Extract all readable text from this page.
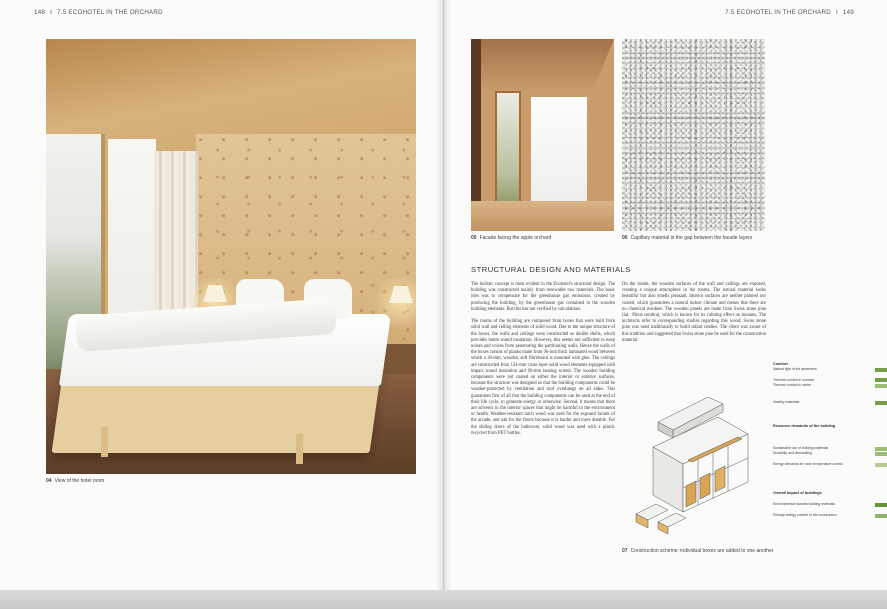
148 I 7.5 ECOHOTEL IN THE ORCHARD	7.5 ECOHOTEL IN THE ORCHARD I 149
04 View of the hotel room
05 Facade facing the apple orchard	06 Capillary material in the gap between the facade layers
STRUCTURAL DESIGN AND MATERIALS

The holistic concept is most evident in the Ecohotel's structural design. The building was constructed mainly from renewable raw materials. The basic idea was to compensate for the greenhouse gas emissions, created by producing the building, by the greenhouse gas contained in the wooden building elements. But this has not verified by calculations.

The rooms of the building are composed from boxes that were built from solid wall and ceiling elements of solid wood. Due to the unique structure of the boxes, the walls and ceilings were constructed as double shells, which provides better sound insulation. However, this seems not sufficient to keep noises and voices from penetrating the partitioning walls. Hence the walls of the boxes consist of planks made from 96-mm thick laminated wood between which a 30-mm, wooden, soft fibreboard is mounted with glue. The ceilings are constructed from 124-mm cross-layer solid wood elements equipped with impact sound insulation and 60-mm heating screed. The wooden building components were not coated on either the interior or exterior surfaces, because the structure was designed so that the building components could be weather-protected by ventilation and roof overhangs on all sides. This guarantees first of all that the building components can be used at the end of their life cycle, to generate energy or otherwise. Second, it means that there are solvents in the interior spaces that might be harmful to the environment or health. Weather-resistant larch wood was used for the exposed facade of the arcade, and oak for the floors because it is harder and more durable. For the sliding doors of the bathroom, solid wood was used with a plastic recycled from PET bottles.

On the inside, the wooden surfaces of the wall and ceilings are exposed, creating a unique atmosphere in the rooms. The natural material looks beautiful but also smells pleasant. Interior surfaces are neither painted nor coated, which guarantees a natural indoor climate and means that there are no chemical residues. The wooden panels are made from Swiss stone pine (lat.: Pinus cembra), which is known for its calming effect on humans. The architects refer to corresponding studies regarding this wood: Swiss stone pine was used traditionally to build infant cradles. The client was aware of this tradition and suggested that Swiss stone pine be used for the construction material.

07 Construction scheme: individual boxes are added to one another
Comfort
Natural light in the apartment
Thermal comfort in summer
Thermal comfort in winter
Healthy materials
Resource demands of the building
Sustainable use of building materials
Durability and dismantling
Energy demands for room temperature control
Overall impact of buildings
Environmental hazards building materials
Primary energy content of the construction
